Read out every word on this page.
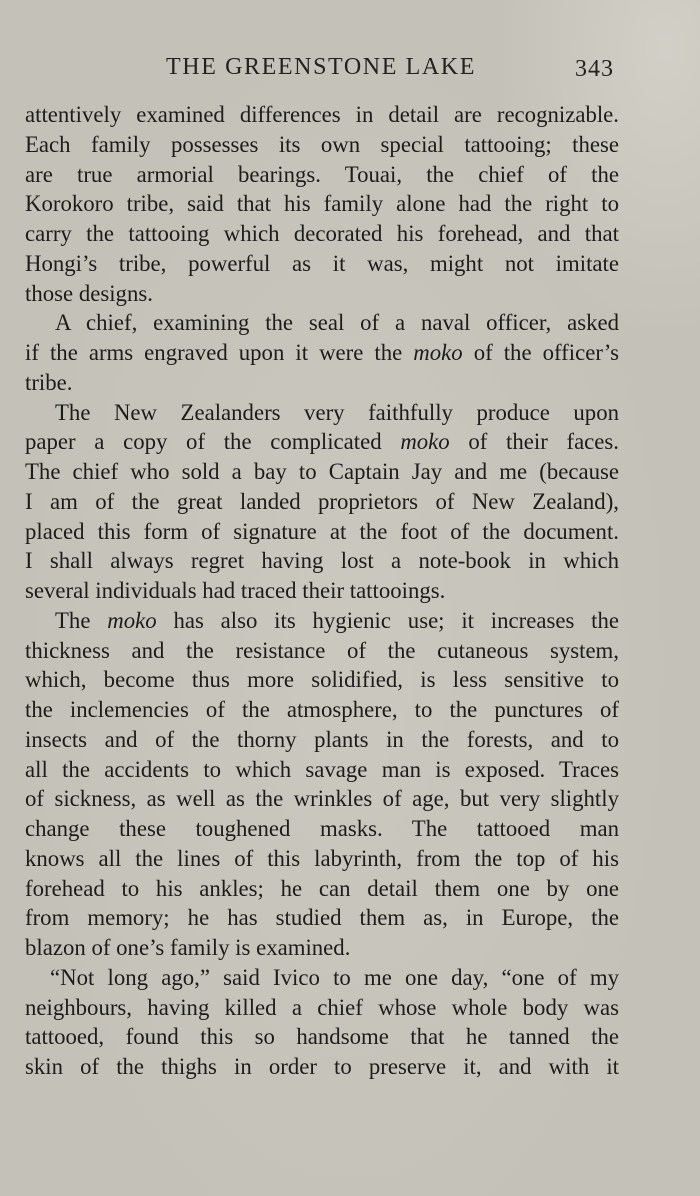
THE GREENSTONE LAKE	343
attentively examined differences in detail are recognizable.
Each family possesses its own special tattooing; these
are true armorial bearings. Touai, the chief of the
Korokoro tribe, said that his family alone had the right to
carry the tattooing which decorated his forehead, and that
Hongi’s tribe, powerful as it was, might not imitate
those designs.
A chief, examining the seal of a naval officer, asked
if the arms engraved upon it were the moko of the officer’s
tribe.
The New Zealanders very faithfully produce upon
paper a copy of the complicated moko of their faces.
The chief who sold a bay to Captain Jay and me (because
I am of the great landed proprietors of New Zealand),
placed this form of signature at the foot of the document.
I shall always regret having lost a note-book in which
several individuals had traced their tattooings.
The moko has also its hygienic use; it increases the
thickness and the resistance of the cutaneous system,
which, become thus more solidified, is less sensitive to
the inclemencies of the atmosphere, to the punctures of
insects and of the thorny plants in the forests, and to
all the accidents to which savage man is exposed. Traces
of sickness, as well as the wrinkles of age, but very slightly
change these toughened masks. The tattooed man
knows all the lines of this labyrinth, from the top of his
forehead to his ankles; he can detail them one by one
from memory; he has studied them as, in Europe, the
blazon of one’s family is examined.
“Not long ago,” said Ivico to me one day, “one of my
neighbours, having killed a chief whose whole body was
tattooed, found this so handsome that he tanned the
skin of the thighs in order to preserve it, and with it
